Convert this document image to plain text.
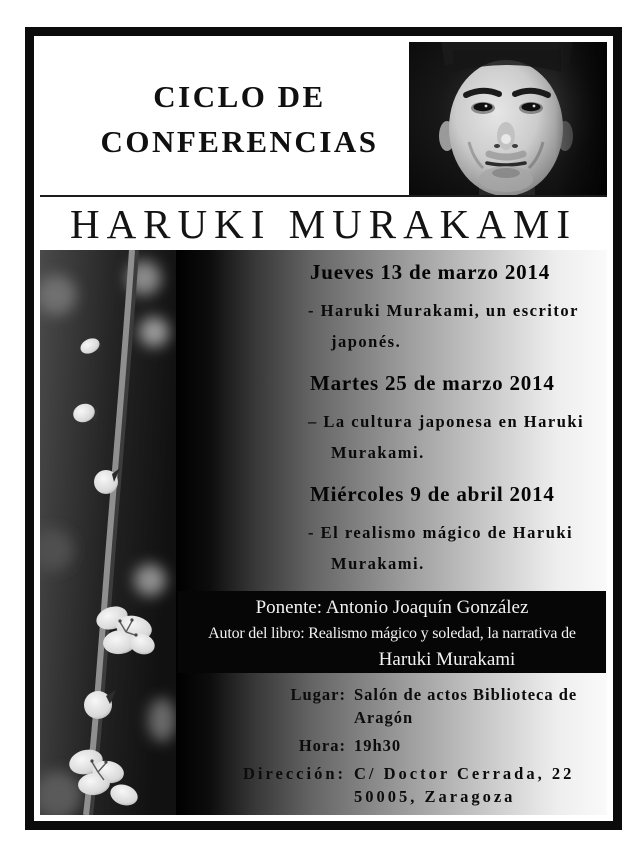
CICLO DE
CONFERENCIAS
HARUKI MURAKAMI
Jueves 13 de marzo 2014
- Haruki Murakami, un escritor
japonés.
Martes 25 de marzo 2014
– La cultura japonesa en Haruki
Murakami.
Miércoles 9 de abril 2014
- El realismo mágico de Haruki
Murakami.
Ponente: Antonio Joaquín González
Autor del libro: Realismo mágico y soledad, la narrativa de
Haruki Murakami
Lugar: Salón de actos Biblioteca de
Aragón
Hora: 19h30
Dirección: C/ Doctor Cerrada, 22
50005, Zaragoza
